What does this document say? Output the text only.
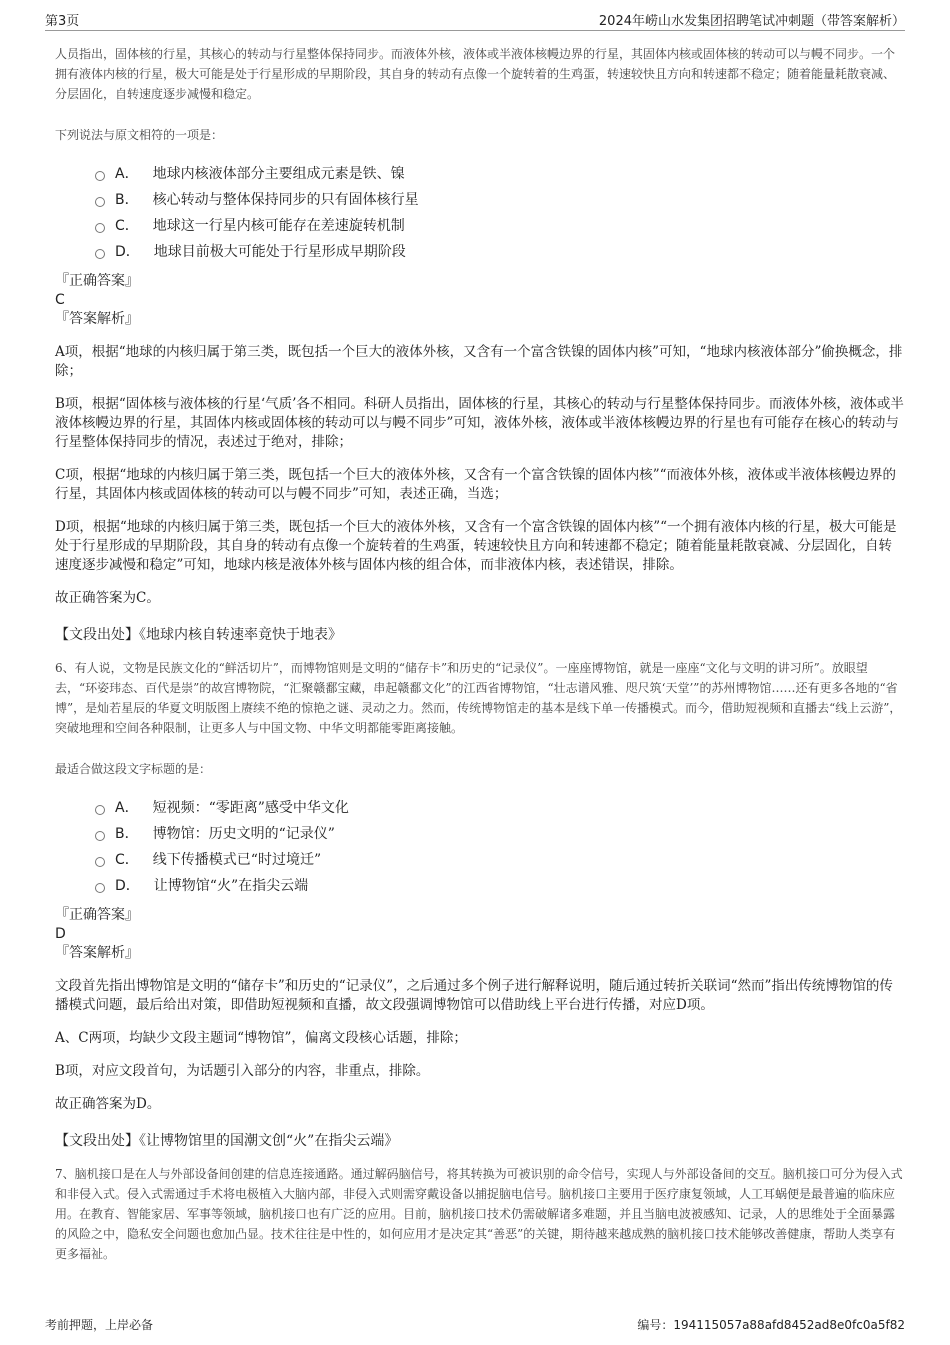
第3页	2024年崂山水发集团招聘笔试冲刺题（带答案解析）

人员指出，固体核的行星，其核心的转动与行星整体保持同步。而液体外核，液体或半液体核幔边界的行星，其固体内核或固体核的转动可以与幔不同步。一个拥有液体内核的行星，极大可能是处于行星形成的早期阶段，其自身的转动有点像一个旋转着的生鸡蛋，转速较快且方向和转速都不稳定；随着能量耗散衰减、分层固化，自转速度逐步减慢和稳定。

下列说法与原文相符的一项是：

A． 地球内核液体部分主要组成元素是铁、镍
B． 核心转动与整体保持同步的只有固体核行星
C． 地球这一行星内核可能存在差速旋转机制
D． 地球目前极大可能处于行星形成早期阶段

『正确答案』

C

『答案解析』

A项，根据“地球的内核归属于第三类，既包括一个巨大的液体外核，又含有一个富含铁镍的固体内核”可知，“地球内核液体部分”偷换概念，排除；

B项，根据“固体核与液体核的行星‘气质’各不相同。科研人员指出，固体核的行星，其核心的转动与行星整体保持同步。而液体外核，液体或半液体核幔边界的行星，其固体内核或固体核的转动可以与幔不同步”可知，液体外核，液体或半液体核幔边界的行星也有可能存在核心的转动与行星整体保持同步的情况，表述过于绝对，排除；

C项，根据“地球的内核归属于第三类，既包括一个巨大的液体外核，又含有一个富含铁镍的固体内核”“而液体外核，液体或半液体核幔边界的行星，其固体内核或固体核的转动可以与幔不同步”可知，表述正确，当选；

D项，根据“地球的内核归属于第三类，既包括一个巨大的液体外核，又含有一个富含铁镍的固体内核”“一个拥有液体内核的行星，极大可能是处于行星形成的早期阶段，其自身的转动有点像一个旋转着的生鸡蛋，转速较快且方向和转速都不稳定；随着能量耗散衰减、分层固化，自转速度逐步减慢和稳定”可知，地球内核是液体外核与固体内核的组合体，而非液体内核，表述错误，排除。

故正确答案为C。

【文段出处】《地球内核自转速率竟快于地表》

6、有人说，文物是民族文化的“鲜活切片”，而博物馆则是文明的“储存卡”和历史的“记录仪”。一座座博物馆，就是一座座“文化与文明的讲习所”。放眼望去，“环姿玮态、百代是崇”的故宫博物院，“汇聚赣鄱宝藏，串起赣鄱文化”的江西省博物馆，“壮志谱风雅、咫尺筑‘天堂’”的苏州博物馆……还有更多各地的“省博”，是灿若星辰的华夏文明版图上赓续不绝的惊艳之谜、灵动之力。然而，传统博物馆走的基本是线下单一传播模式。而今，借助短视频和直播去“线上云游”，突破地理和空间各种限制，让更多人与中国文物、中华文明都能零距离接触。

最适合做这段文字标题的是：

A． 短视频：“零距离”感受中华文化
B． 博物馆：历史文明的“记录仪”
C． 线下传播模式已“时过境迁”
D． 让博物馆“火”在指尖云端

『正确答案』

D

『答案解析』

文段首先指出博物馆是文明的“储存卡”和历史的“记录仪”，之后通过多个例子进行解释说明，随后通过转折关联词“然而”指出传统博物馆的传播模式问题，最后给出对策，即借助短视频和直播，故文段强调博物馆可以借助线上平台进行传播，对应D项。

A、C两项，均缺少文段主题词“博物馆”，偏离文段核心话题，排除；

B项，对应文段首句，为话题引入部分的内容，非重点，排除。

故正确答案为D。

【文段出处】《让博物馆里的国潮文创“火”在指尖云端》

7、脑机接口是在人与外部设备间创建的信息连接通路。通过解码脑信号，将其转换为可被识别的命令信号，实现人与外部设备间的交互。脑机接口可分为侵入式和非侵入式。侵入式需通过手术将电极植入大脑内部，非侵入式则需穿戴设备以捕捉脑电信号。脑机接口主要用于医疗康复领域，人工耳蜗便是最普遍的临床应用。在教育、智能家居、军事等领域，脑机接口也有广泛的应用。目前，脑机接口技术仍需破解诸多难题，并且当脑电波被感知、记录，人的思维处于全面暴露的风险之中，隐私安全问题也愈加凸显。技术往往是中性的，如何应用才是决定其“善恶”的关键，期待越来越成熟的脑机接口技术能够改善健康，帮助人类享有更多福祉。

考前押题，上岸必备	编号：194115057a88afd8452ad8e0fc0a5f82
